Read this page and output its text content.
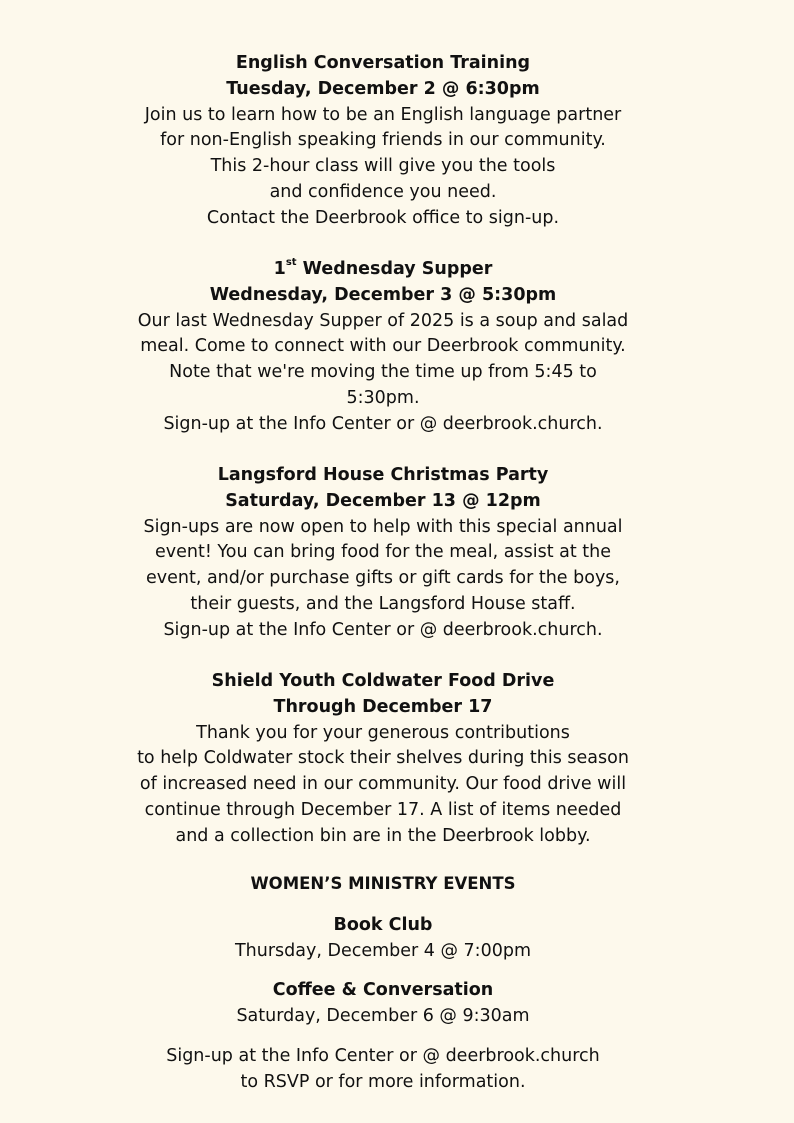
English Conversation Training
Tuesday, December 2 @ 6:30pm
Join us to learn how to be an English language partner
for non-English speaking friends in our community.
This 2-hour class will give you the tools
and confidence you need.
Contact the Deerbrook office to sign-up.
1st Wednesday Supper
Wednesday, December 3 @ 5:30pm
Our last Wednesday Supper of 2025 is a soup and salad
meal. Come to connect with our Deerbrook community.
Note that we're moving the time up from 5:45 to
5:30pm.
Sign-up at the Info Center or @ deerbrook.church.
Langsford House Christmas Party
Saturday, December 13 @ 12pm
Sign-ups are now open to help with this special annual
event! You can bring food for the meal, assist at the
event, and/or purchase gifts or gift cards for the boys,
their guests, and the Langsford House staff.
Sign-up at the Info Center or @ deerbrook.church.
Shield Youth Coldwater Food Drive
Through December 17
Thank you for your generous contributions
to help Coldwater stock their shelves during this season
of increased need in our community. Our food drive will
continue through December 17. A list of items needed
and a collection bin are in the Deerbrook lobby.
WOMEN’S MINISTRY EVENTS
Book Club
Thursday, December 4 @ 7:00pm
Coffee & Conversation
Saturday, December 6 @ 9:30am
Sign-up at the Info Center or @ deerbrook.church
to RSVP or for more information.
